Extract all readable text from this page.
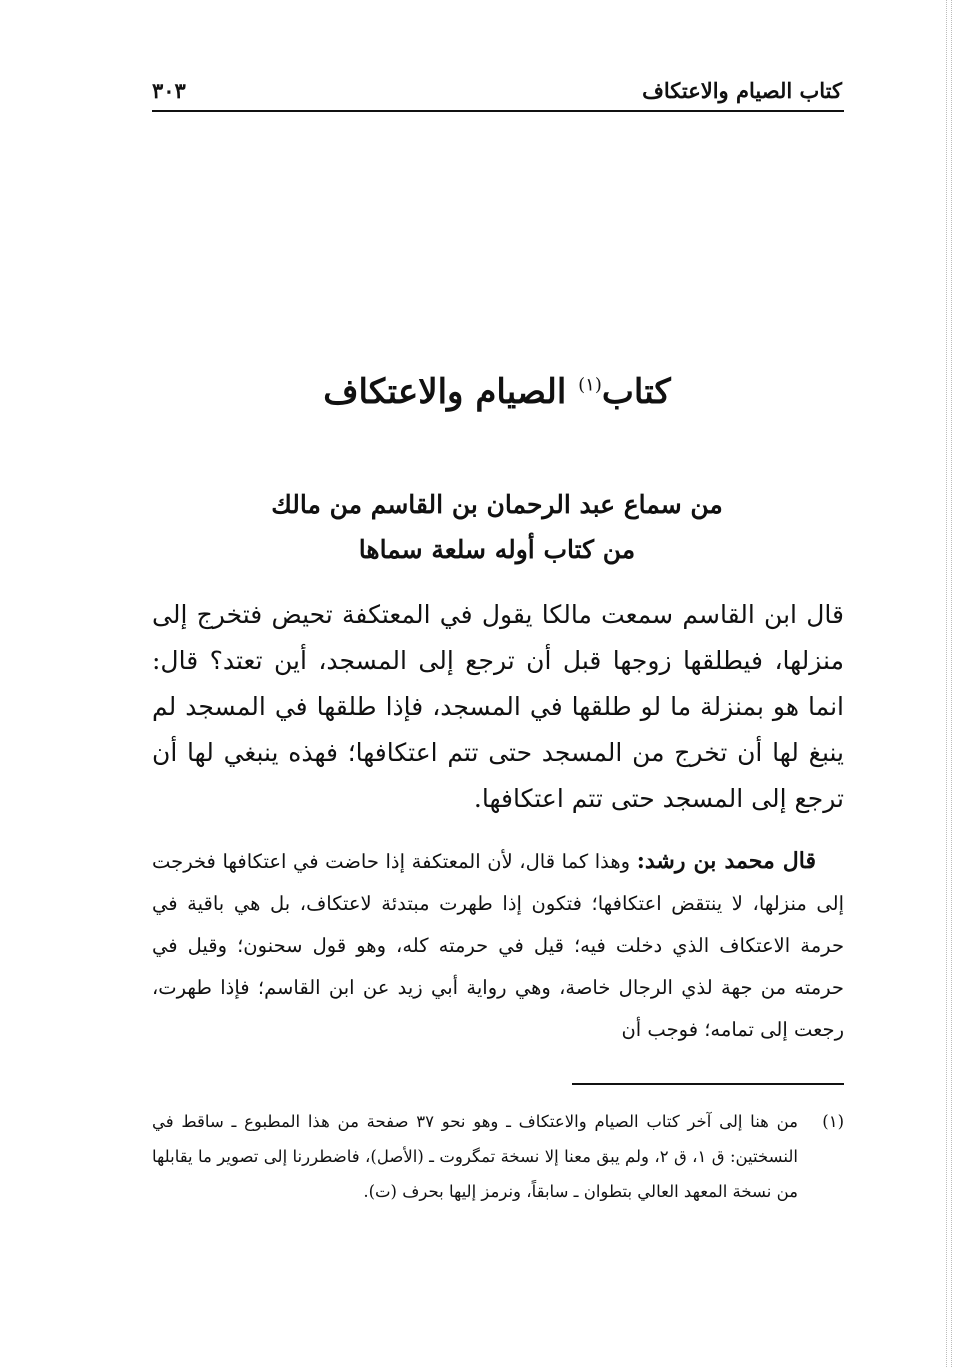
كتاب الصيام والاعتكاف
٣٠٣
كتاب$^{(١)}$ الصيام والاعتكاف
من سماع عبد الرحمان بن القاسم من مالك
من كتاب أوله سلعة سماها
قال ابن القاسم سمعت مالكا يقول في المعتكفة تحيض فتخرج إلى منزلها، فيطلقها زوجها قبل أن ترجع إلى المسجد، أين تعتد؟ قال: انما هو بمنزلة ما لو طلقها في المسجد، فإذا طلقها في المسجد لم ينبغ لها أن تخرج من المسجد حتى تتم اعتكافها؛ فهذه ينبغي لها أن ترجع إلى المسجد حتى تتم اعتكافها.
قال محمد بن رشد: وهذا كما قال، لأن المعتكفة إذا حاضت في اعتكافها فخرجت إلى منزلها، لا ينتقض اعتكافها؛ فتكون إذا طهرت مبتدئة لاعتكاف، بل هي باقية في حرمة الاعتكاف الذي دخلت فيه؛ قيل في حرمته كله، وهو قول سحنون؛ وقيل في حرمته من جهة لذي الرجال خاصة، وهي رواية أبي زيد عن ابن القاسم؛ فإذا طهرت، رجعت إلى تمامه؛ فوجب أن
(١)
من هنا إلى آخر كتاب الصيام والاعتكاف ـ وهو نحو ٣٧ صفحة من هذا المطبوع ـ ساقط في النسختين: ق ١، ق ٢، ولم يبق معنا إلا نسخة تمگروت ـ (الأصل)، فاضطررنا إلى تصوير ما يقابلها من نسخة المعهد العالي بتطوان ـ سابقاً، ونرمز إليها بحرف (ت).
